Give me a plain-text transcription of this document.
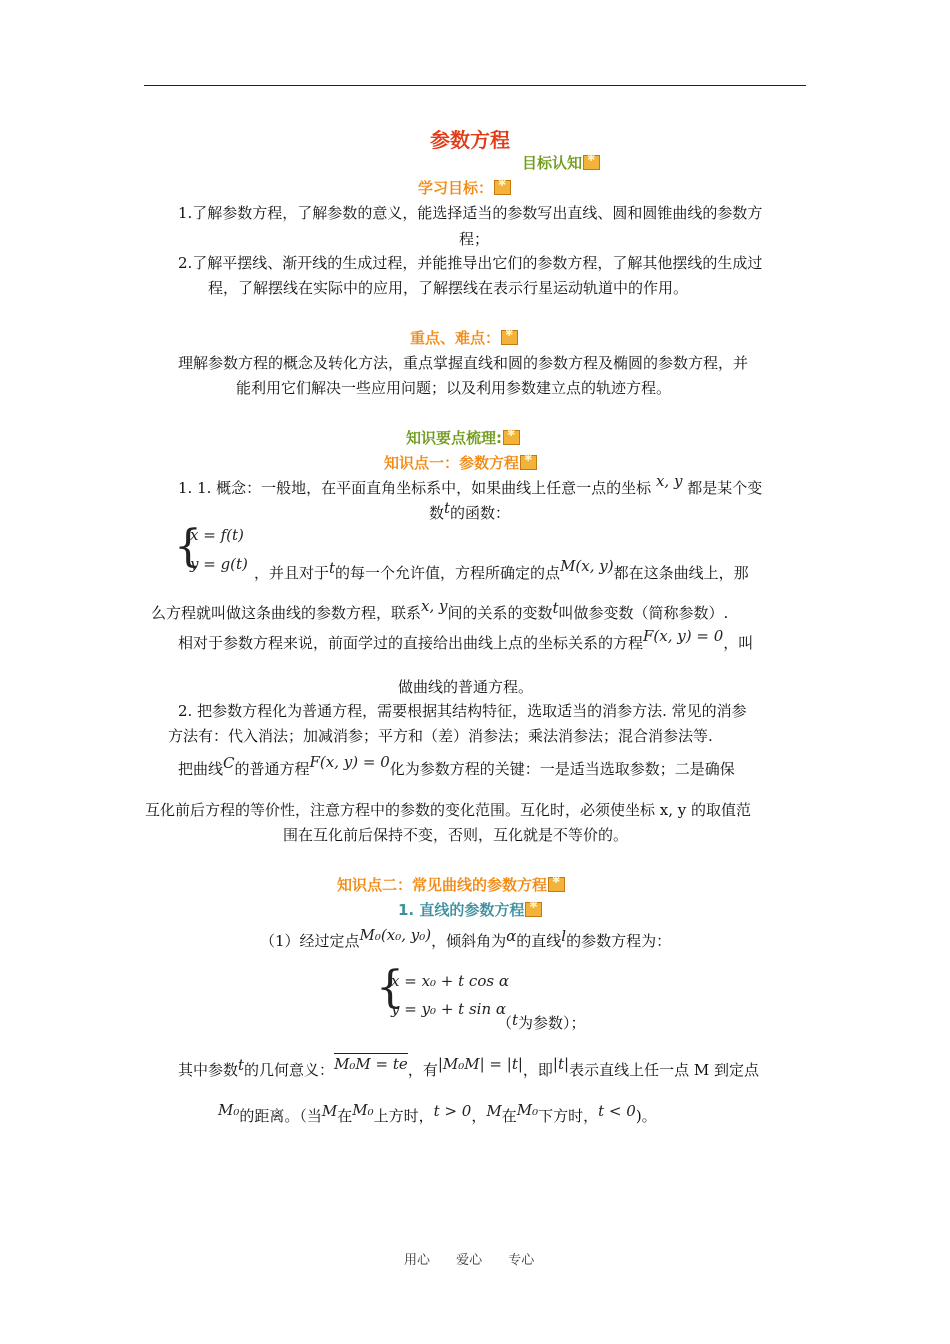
参数方程
目标认知✱
学习目标：✱
1.了解参数方程，了解参数的意义，能选择适当的参数写出直线、圆和圆锥曲线的参数方
程；
2.了解平摆线、渐开线的生成过程，并能推导出它们的参数方程，了解其他摆线的生成过
程，了解摆线在实际中的应用，了解摆线在表示行星运动轨道中的作用。
重点、难点：✱
理解参数方程的概念及转化方法，重点掌握直线和圆的参数方程及椭圆的参数方程，并
能利用它们解决一些应用问题；以及利用参数建立点的轨迹方程。
知识要点梳理:✱
知识点一：参数方程✱
1. 1. 概念：一般地，在平面直角坐标系中，如果曲线上任意一点的坐标 x, y 都是某个变
数t的函数：
{
x = f(t)
y = g(t) ，并且对于t的每一个允许值，方程所确定的点M(x, y)都在这条曲线上，那
么方程就叫做这条曲线的参数方程，联系x, y间的关系的变数t叫做参变数（简称参数）.
相对于参数方程来说，前面学过的直接给出曲线上点的坐标关系的方程F(x, y) = 0，叫
做曲线的普通方程。
2. 把参数方程化为普通方程，需要根据其结构特征，选取适当的消参方法. 常见的消参
方法有：代入消法；加减消参；平方和（差）消参法；乘法消参法；混合消参法等.
把曲线C的普通方程F(x, y) = 0化为参数方程的关键：一是适当选取参数；二是确保
互化前后方程的等价性，注意方程中的参数的变化范围。互化时，必须使坐标 x, y 的取值范
围在互化前后保持不变，否则，互化就是不等价的。
知识点二：常见曲线的参数方程✱
1. 直线的参数方程✱
（1）经过定点M₀(x₀, y₀)，倾斜角为α的直线l的参数方程为：
{
x = x₀ + t cos α
y = y₀ + t sin α
（t为参数）；
其中参数t的几何意义：M₀M = te，有|M₀M| = |t|，即|t|表示直线上任一点 M 到定点
M₀的距离。（当M在M₀上方时，t > 0，M在M₀下方时，t < 0)。
用心 爱心 专心
